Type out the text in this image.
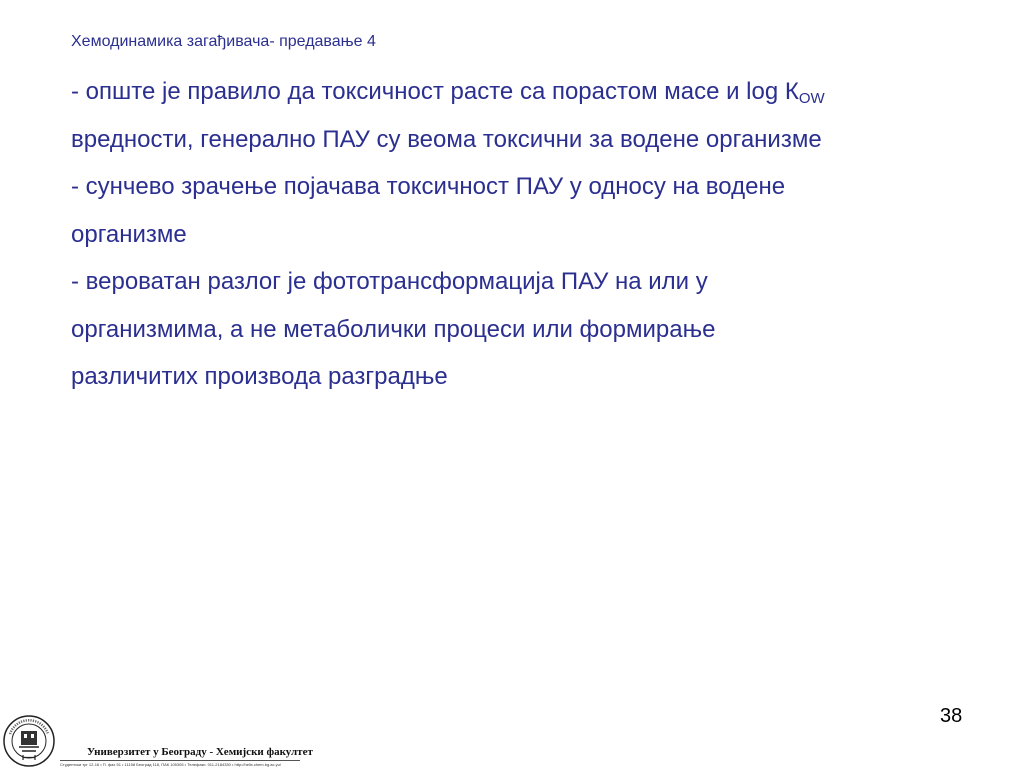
Хемодинамика загађивача- предавање 4
- опште је правило да токсичност расте са порастом масе и $\log К_{OW}$
вредности, генерално ПАУ су веома токсични за водене организме
- сунчево зрачење појачава токсичност ПАУ у односу на водене
организме
- вероватан разлог је фототрансформација ПАУ на или у
организмима, а не метаболички процеси или формирање
различитих производа разградње
38
Универзитет у Београду - Хемијски факултет
Студентски трг 12-16 • П. фах 51 • 11158 Београд 118, ПАК 105305 • Телефакс: 011-2184330 • http://helix.chem.bg.ac.yu/
